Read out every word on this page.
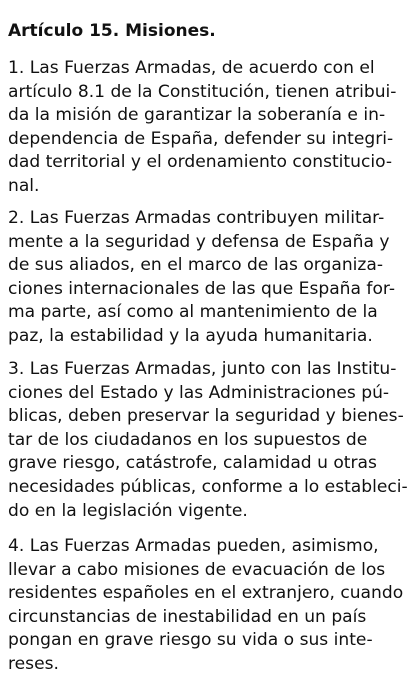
Artículo 15. Misiones.
1. Las Fuerzas Armadas, de acuerdo con el
artículo 8.1 de la Constitución, tienen atribui-
da la misión de garantizar la soberanía e in-
dependencia de España, defender su integri-
dad territorial y el ordenamiento constitucio-
nal.
2. Las Fuerzas Armadas contribuyen militar-
mente a la seguridad y defensa de España y
de sus aliados, en el marco de las organiza-
ciones internacionales de las que España for-
ma parte, así como al mantenimiento de la
paz, la estabilidad y la ayuda humanitaria.
3. Las Fuerzas Armadas, junto con las Institu-
ciones del Estado y las Administraciones pú-
blicas, deben preservar la seguridad y bienes-
tar de los ciudadanos en los supuestos de
grave riesgo, catástrofe, calamidad u otras
necesidades públicas, conforme a lo estableci-
do en la legislación vigente.
4. Las Fuerzas Armadas pueden, asimismo,
llevar a cabo misiones de evacuación de los
residentes españoles en el extranjero, cuando
circunstancias de inestabilidad en un país
pongan en grave riesgo su vida o sus inte-
reses.
